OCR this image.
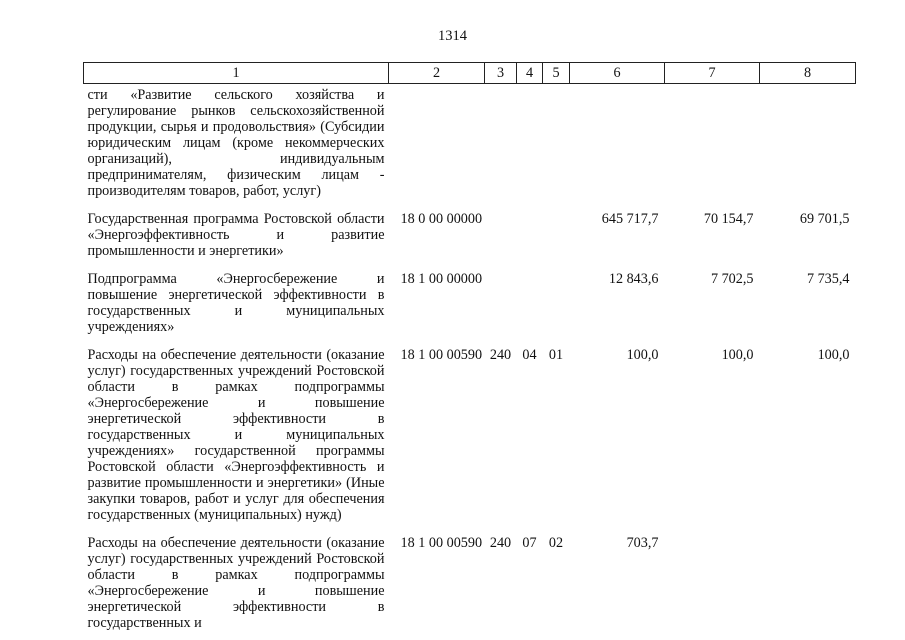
1314
1	2	3	4	5	6	7	8
сти «Развитие сельского хозяйства и регулирование рынков сельскохозяйственной продукции, сырья и продовольствия» (Субсидии юридическим лицам (кроме некоммерческих организаций), индивидуальным предпринимателям, физическим лицам - производителям товаров, работ, услуг)							
Государственная программа Ростовской области «Энергоэффективность и развитие промышленности и энергетики»	18 0 00 00000				645 717,7	70 154,7	69 701,5
Подпрограмма «Энергосбережение и повышение энергетической эффективности в государственных и муниципальных учреждениях»	18 1 00 00000				12 843,6	7 702,5	7 735,4
Расходы на обеспечение деятельности (оказание услуг) государственных учреждений Ростовской области в рамках подпрограммы «Энергосбережение и повышение энергетической эффективности в государственных и муниципальных учреждениях» государственной программы Ростовской области «Энергоэффективность и развитие промышленности и энергетики» (Иные закупки товаров, работ и услуг для обеспечения государственных (муниципальных) нужд)	18 1 00 00590	240	04	01	100,0	100,0	100,0
Расходы на обеспечение деятельности (оказание услуг) государственных учреждений Ростовской области в рамках подпрограммы «Энергосбережение и повышение энергетической эффективности в государственных и	18 1 00 00590	240	07	02	703,7		
